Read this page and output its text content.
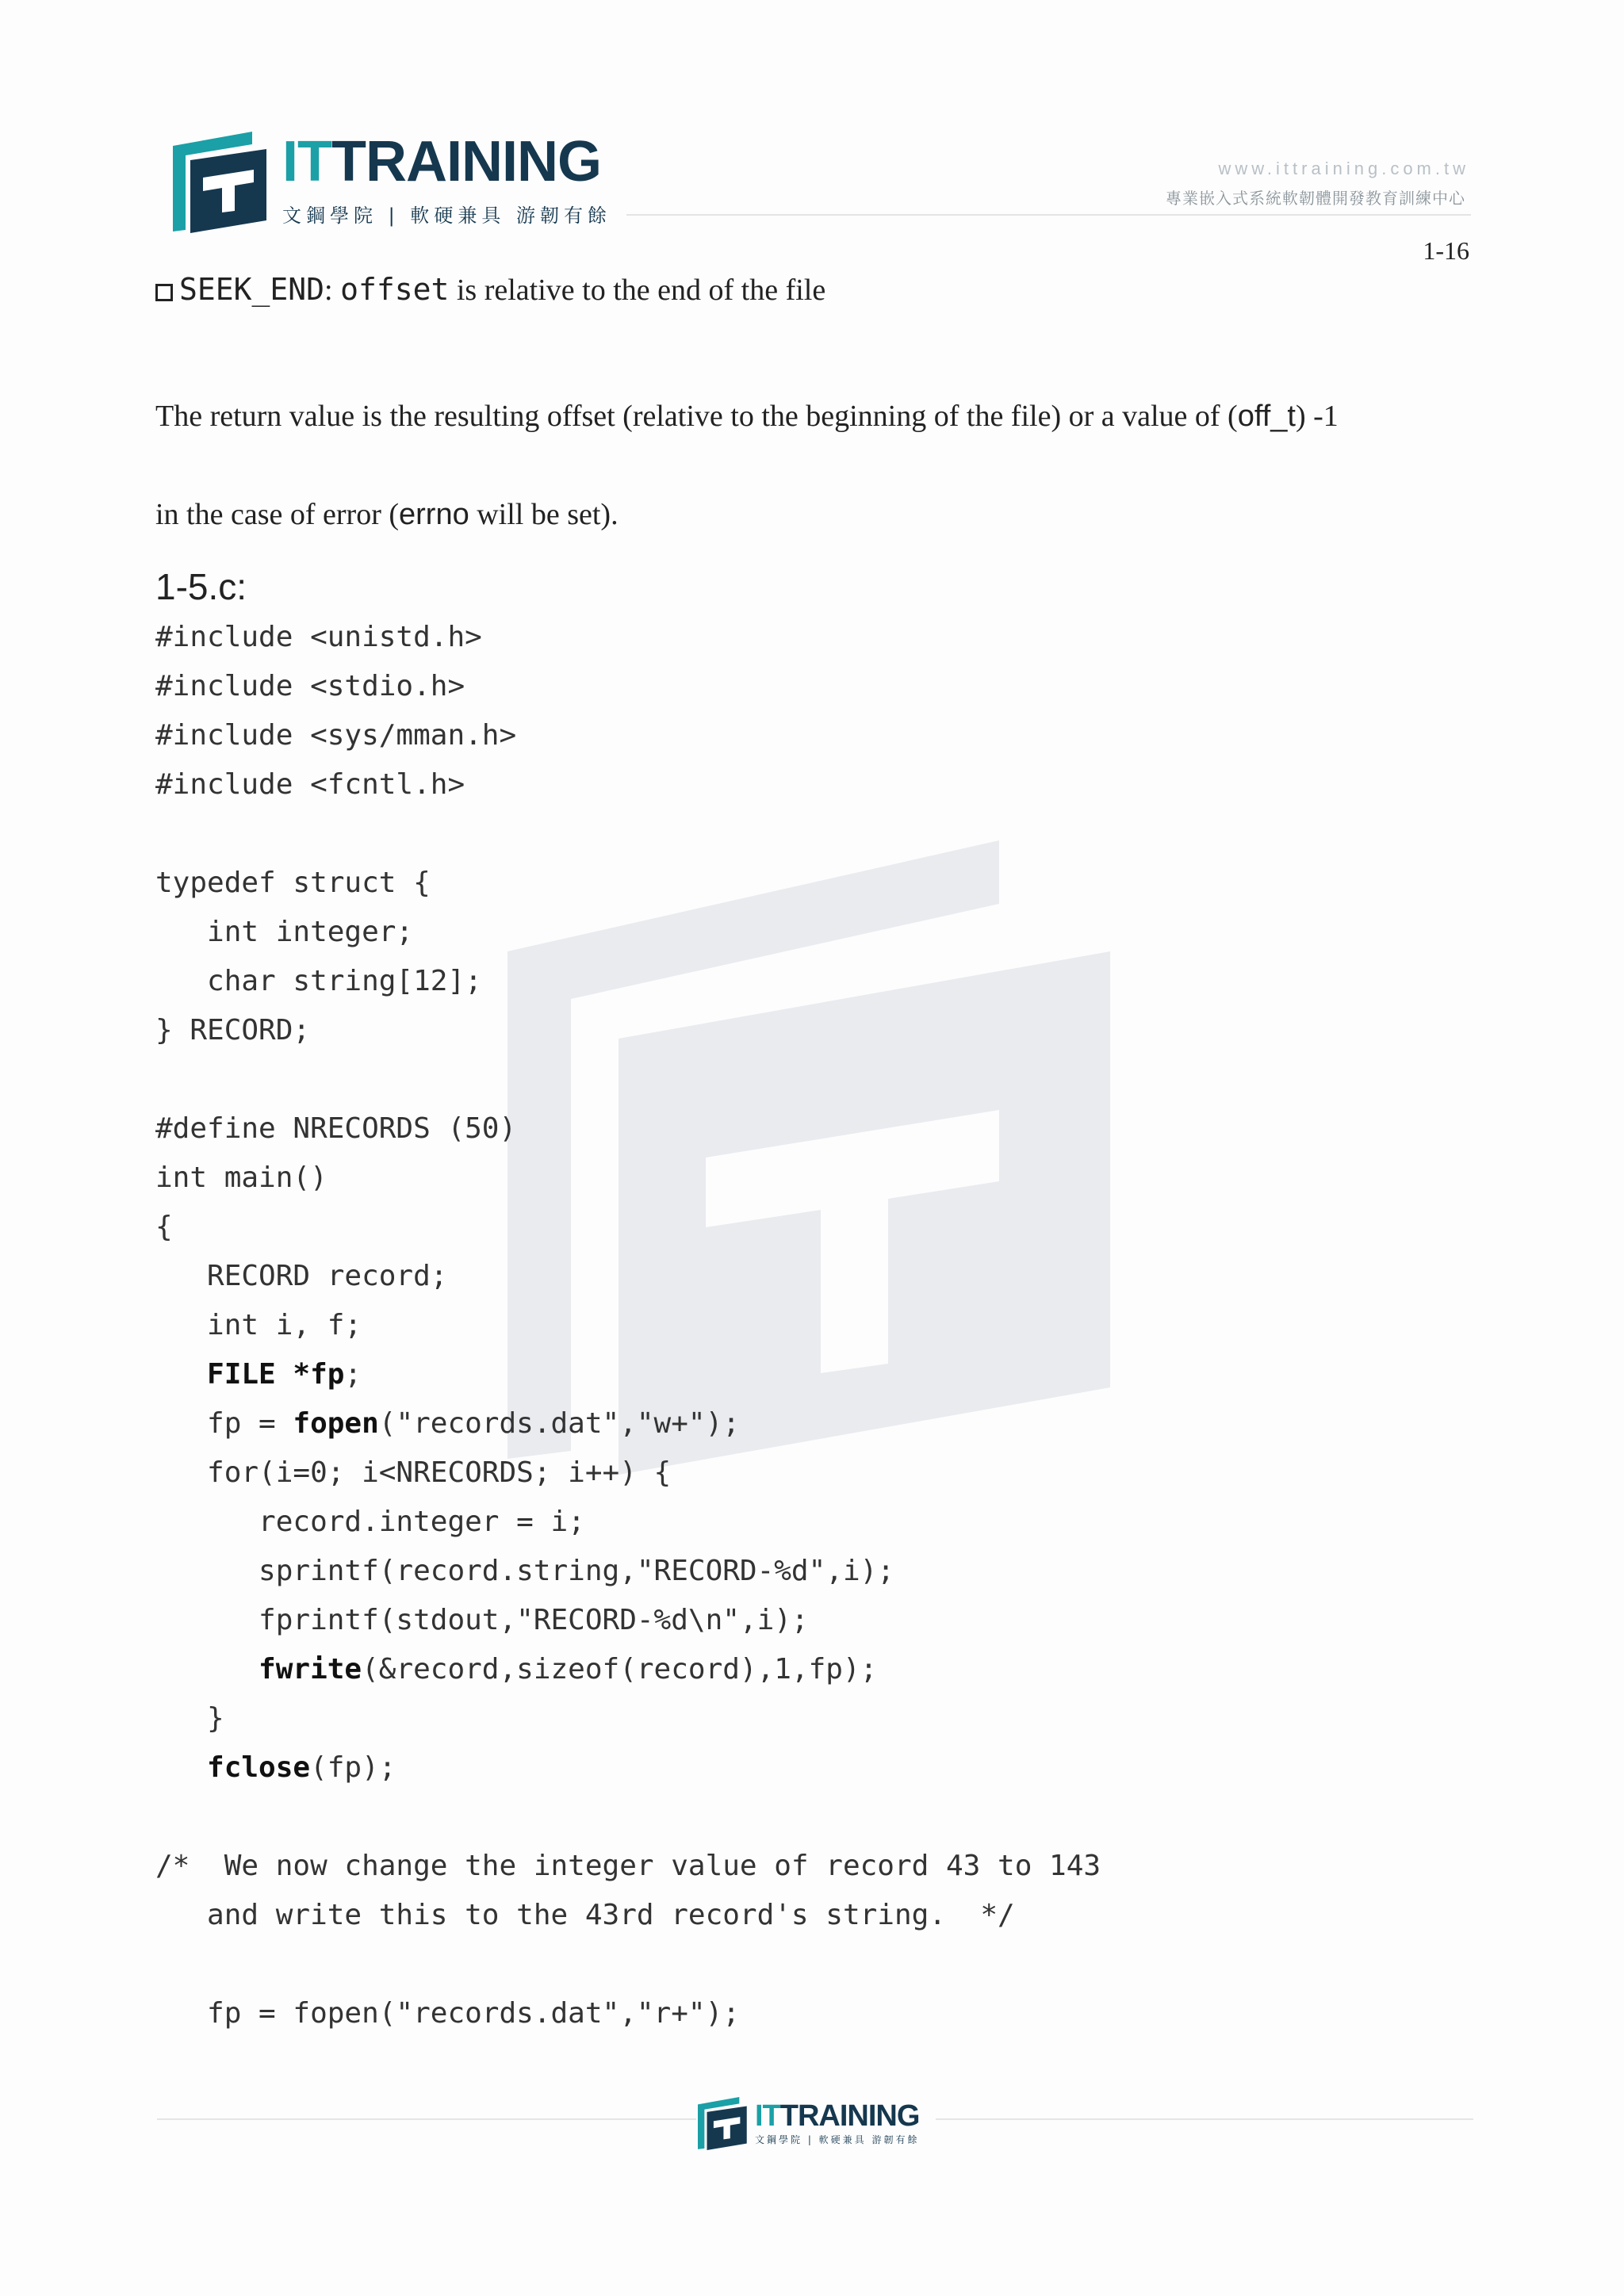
ITTRAINING
文鋼學院 | 軟硬兼具 游韌有餘
www.ittraining.com.tw
專業嵌入式系統軟韌體開發教育訓練中心
1-16
SEEK_END: offset is relative to the end of the file
The return value is the resulting offset (relative to the beginning of the file) or a value of (off_t) -1
in the case of error (errno will be set).
1-5.c:
#include <unistd.h>
#include <stdio.h>
#include <sys/mman.h>
#include <fcntl.h>
typedef struct {
int integer;
char string[12];
} RECORD;
#define NRECORDS (50)
int main()
{
RECORD record;
int i, f;
FILE *fp;
fp = fopen("records.dat","w+");
for(i=0; i<NRECORDS; i++) {
record.integer = i;
sprintf(record.string,"RECORD-%d",i);
fprintf(stdout,"RECORD-%d\n",i);
fwrite(&record,sizeof(record),1,fp);
}
fclose(fp);
/*  We now change the integer value of record 43 to 143
and write this to the 43rd record's string.  */
fp = fopen("records.dat","r+");
ITTRAINING
文鋼學院 | 軟硬兼具 游韌有餘
